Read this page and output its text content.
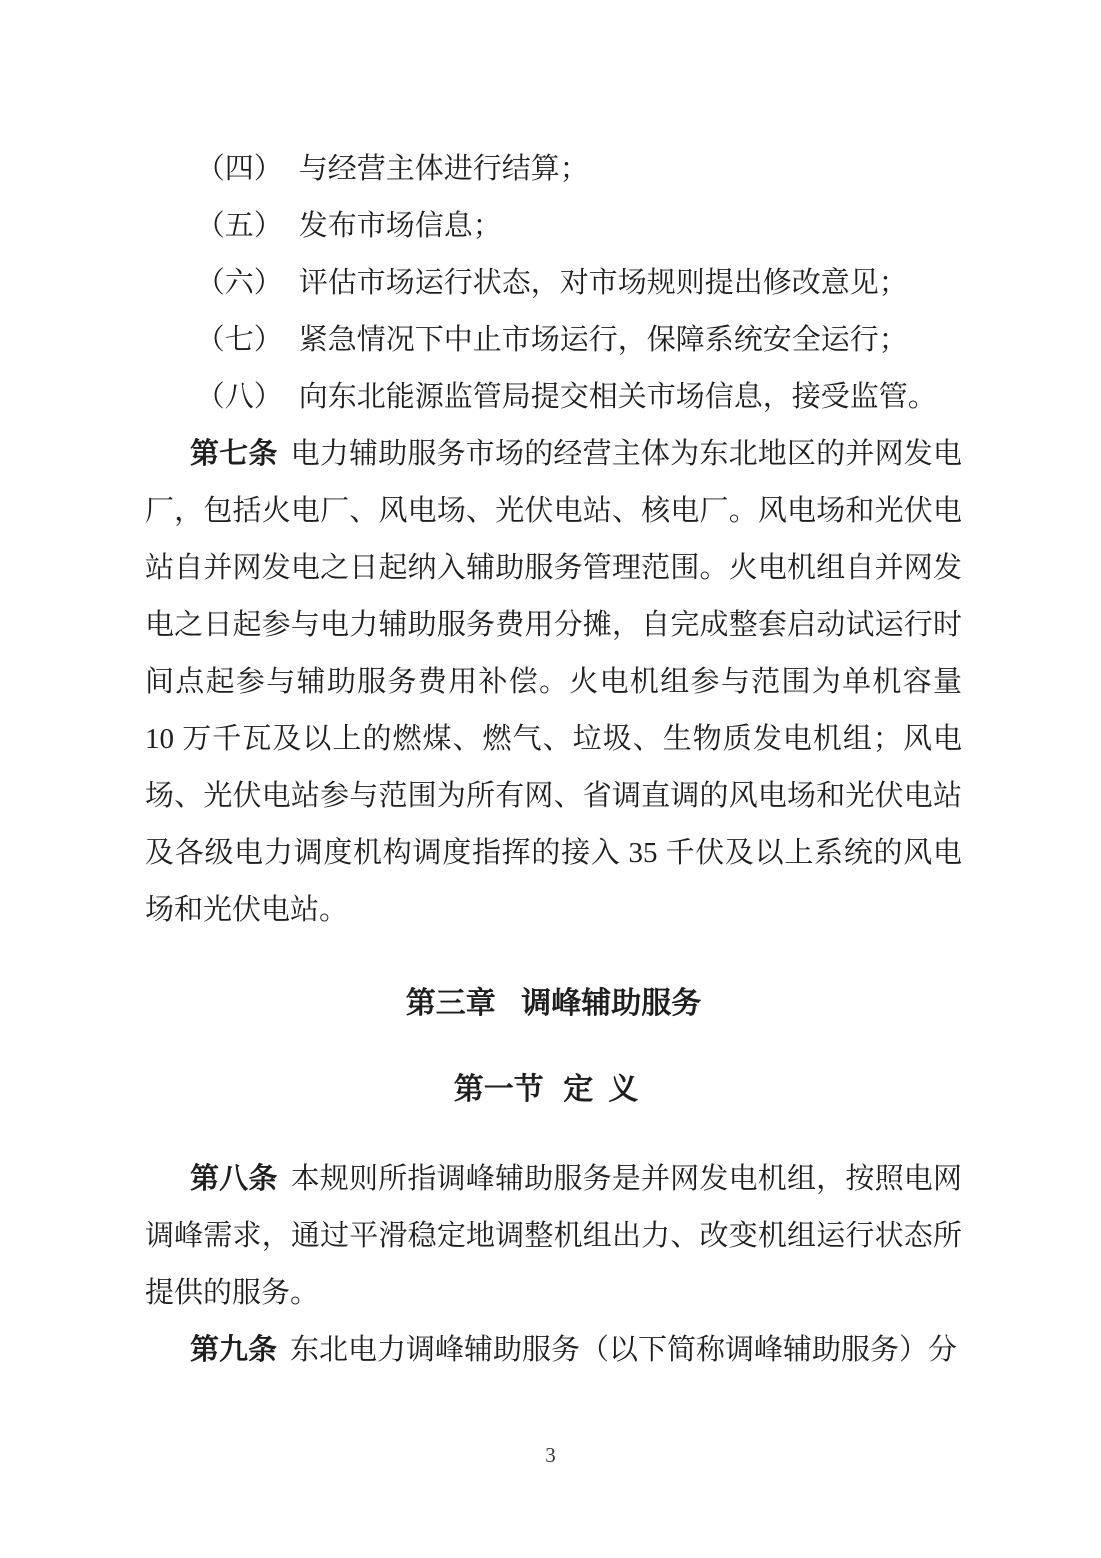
（四） 与经营主体进行结算；
（五） 发布市场信息；
（六） 评估市场运行状态，对市场规则提出修改意见；
（七） 紧急情况下中止市场运行，保障系统安全运行；
（八） 向东北能源监管局提交相关市场信息，接受监管。

第七条 电力辅助服务市场的经营主体为东北地区的并网发电厂，包括火电厂、风电场、光伏电站、核电厂。风电场和光伏电站自并网发电之日起纳入辅助服务管理范围。火电机组自并网发电之日起参与电力辅助服务费用分摊，自完成整套启动试运行时间点起参与辅助服务费用补偿。火电机组参与范围为单机容量 10 万千瓦及以上的燃煤、燃气、垃圾、生物质发电机组；风电场、光伏电站参与范围为所有网、省调直调的风电场和光伏电站及各级电力调度机构调度指挥的接入 35 千伏及以上系统的风电场和光伏电站。

第三章 调峰辅助服务
第一节 定义

第八条 本规则所指调峰辅助服务是并网发电机组，按照电网调峰需求，通过平滑稳定地调整机组出力、改变机组运行状态所提供的服务。

第九条 东北电力调峰辅助服务（以下简称调峰辅助服务）分

3
